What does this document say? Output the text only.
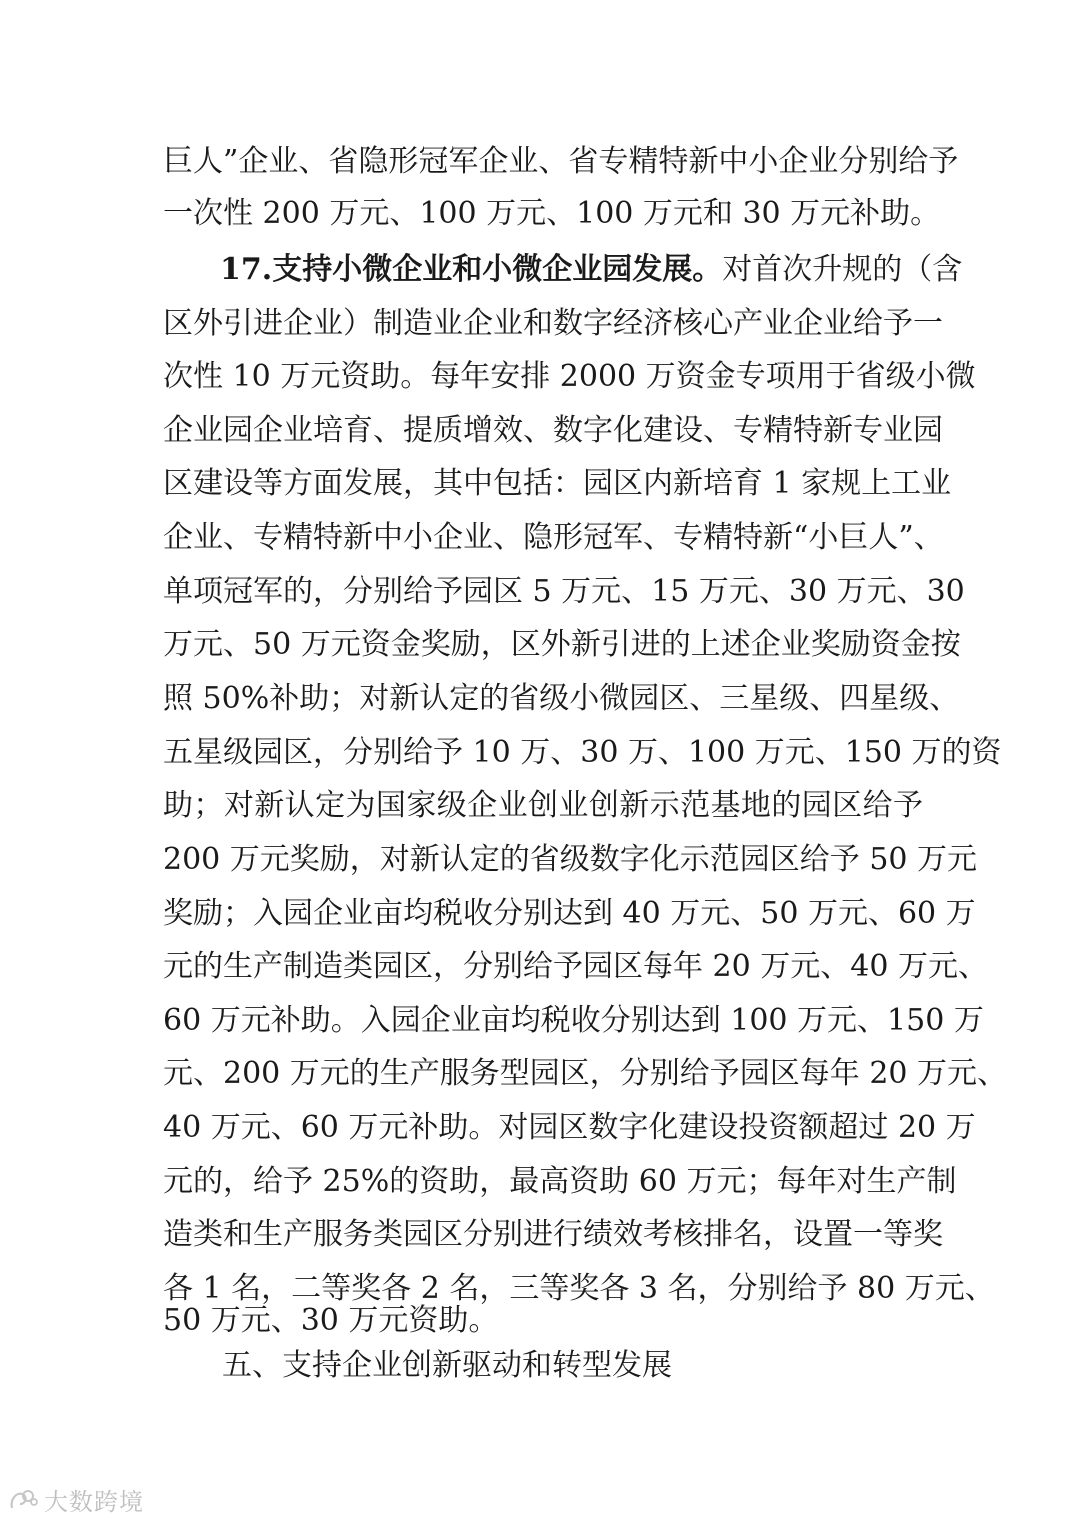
巨人”企业、省隐形冠军企业、省专精特新中小企业分别给予
一次性 200 万元、100 万元、100 万元和 30 万元补助。
17.支持小微企业和小微企业园发展。对首次升规的（含
区外引进企业）制造业企业和数字经济核心产业企业给予一
次性 10 万元资助。每年安排 2000 万资金专项用于省级小微
企业园企业培育、提质增效、数字化建设、专精特新专业园
区建设等方面发展，其中包括：园区内新培育 1 家规上工业
企业、专精特新中小企业、隐形冠军、专精特新“小巨人”、
单项冠军的，分别给予园区 5 万元、15 万元、30 万元、30
万元、50 万元资金奖励，区外新引进的上述企业奖励资金按
照 50%补助；对新认定的省级小微园区、三星级、四星级、
五星级园区，分别给予 10 万、30 万、100 万元、150 万的资
助；对新认定为国家级企业创业创新示范基地的园区给予
200 万元奖励，对新认定的省级数字化示范园区给予 50 万元
奖励；入园企业亩均税收分别达到 40 万元、50 万元、60 万
元的生产制造类园区，分别给予园区每年 20 万元、40 万元、
60 万元补助。入园企业亩均税收分别达到 100 万元、150 万
元、200 万元的生产服务型园区，分别给予园区每年 20 万元、
40 万元、60 万元补助。对园区数字化建设投资额超过 20 万
元的，给予 25%的资助，最高资助 60 万元；每年对生产制
造类和生产服务类园区分别进行绩效考核排名，设置一等奖
各 1 名，二等奖各 2 名，三等奖各 3 名，分别给予 80 万元、
50 万元、30 万元资助。
五、支持企业创新驱动和转型发展
大数跨境
